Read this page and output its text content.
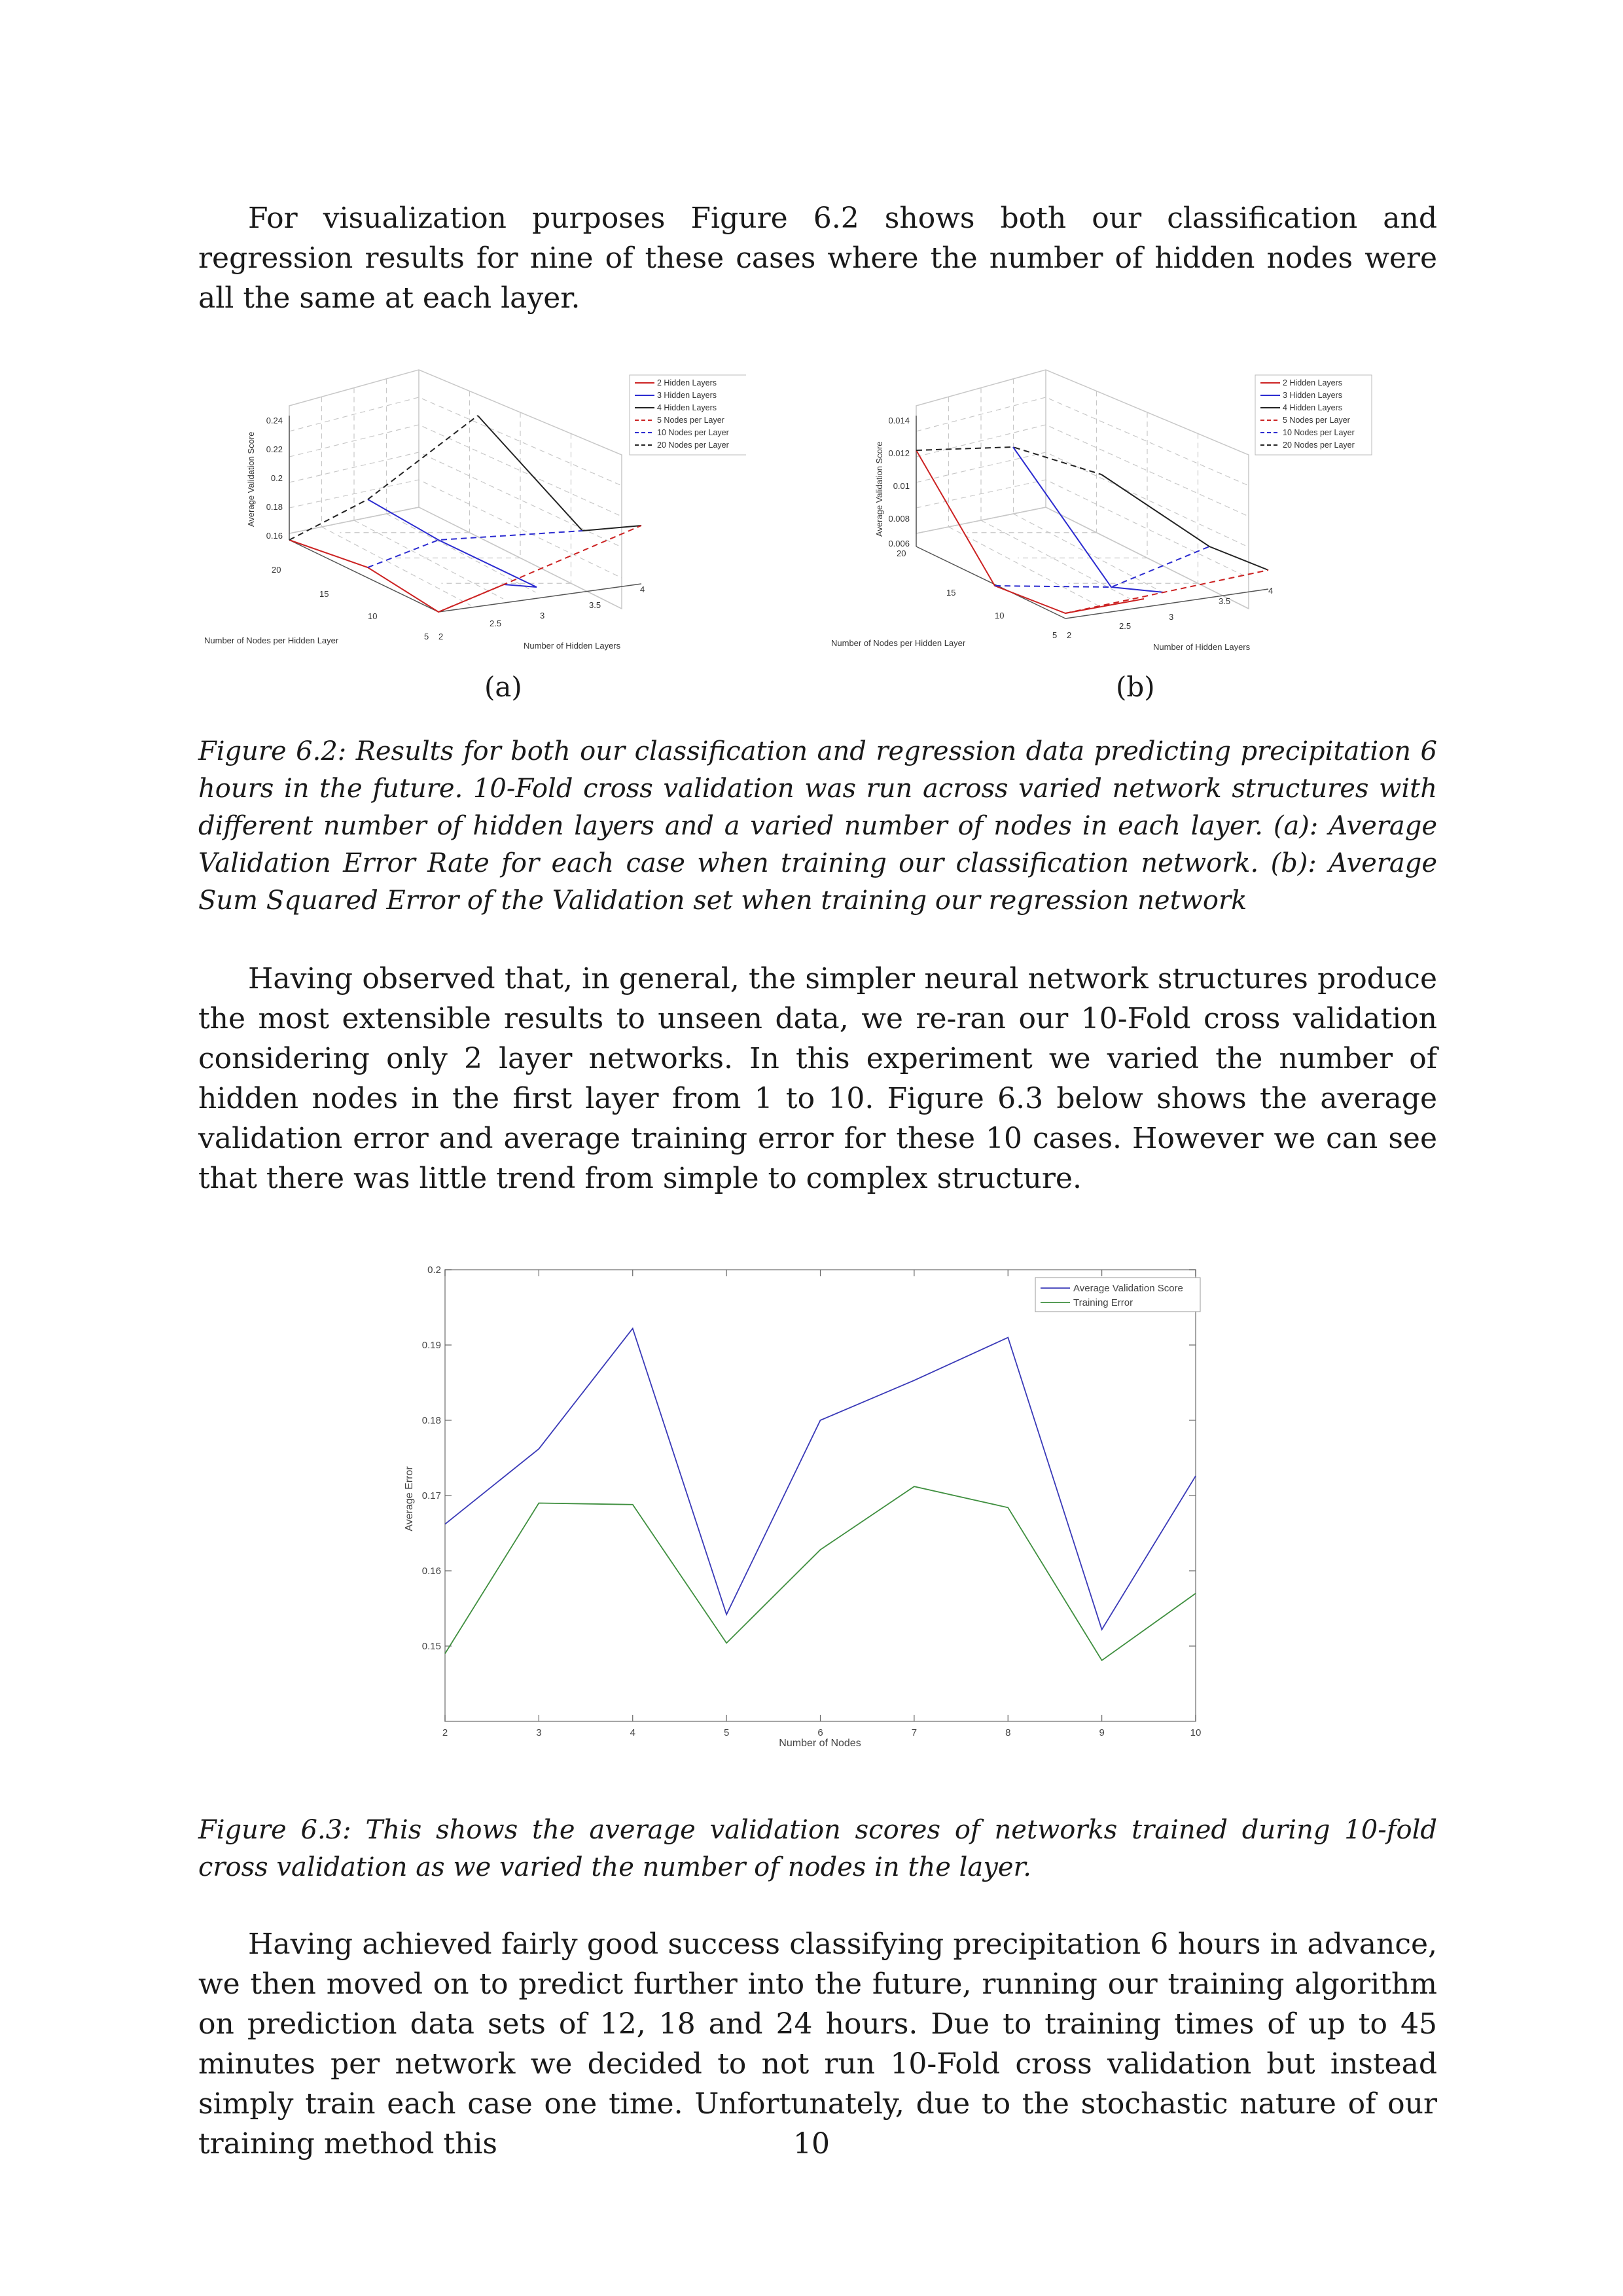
For visualization purposes Figure 6.2 shows both our classification and regression results for nine of these cases where the number of hidden nodes were all the same at each layer.

0.24
0.22
0.2
0.18
0.16
20
15
10
5 2
2.5
3
3.5
4
Average Validation Score
Number of Nodes per Hidden Layer
Number of Hidden Layers
2 Hidden Layers
3 Hidden Layers
4 Hidden Layers
5 Nodes per Layer
10 Nodes per Layer
20 Nodes per Layer
0.014
0.012
0.01
0.008
0.006
20
15
10
5 2
2.5
3
3.5
4
Average Validation Score
Number of Nodes per Hidden Layer	Number of Hidden Layers
2 Hidden Layers
3 Hidden Layers
4 Hidden Layers
5 Nodes per Layer
10 Nodes per Layer
20 Nodes per Layer
(a)	(b)

Figure 6.2: Results for both our classification and regression data predicting precipitation 6 hours in the future. 10-Fold cross validation was run across varied network structures with different number of hidden layers and a varied number of nodes in each layer. (a): Average Validation Error Rate for each case when training our classification network. (b): Average Sum Squared Error of the Validation set when training our regression network

Having observed that, in general, the simpler neural network structures produce the most extensible results to unseen data, we re-ran our 10-Fold cross validation considering only 2 layer networks. In this experiment we varied the number of hidden nodes in the first layer from 1 to 10. Figure 6.3 below shows the average validation error and average training error for these 10 cases. However we can see that there was little trend from simple to complex structure.

0.15
0.16
0.17
0.18
0.19
0.2
2	3	4	5	6	7	8	9	10
Average Validation Score
Training Error
Number of Nodes
Average Error

Figure 6.3: This shows the average validation scores of networks trained during 10-fold cross validation as we varied the number of nodes in the layer.

Having achieved fairly good success classifying precipitation 6 hours in advance, we then moved on to predict further into the future, running our training algorithm on prediction data sets of 12, 18 and 24 hours. Due to training times of up to 45 minutes per network we decided to not run 10-Fold cross validation but instead simply train each case one time. Unfortunately, due to the stochastic nature of our training method this	10
